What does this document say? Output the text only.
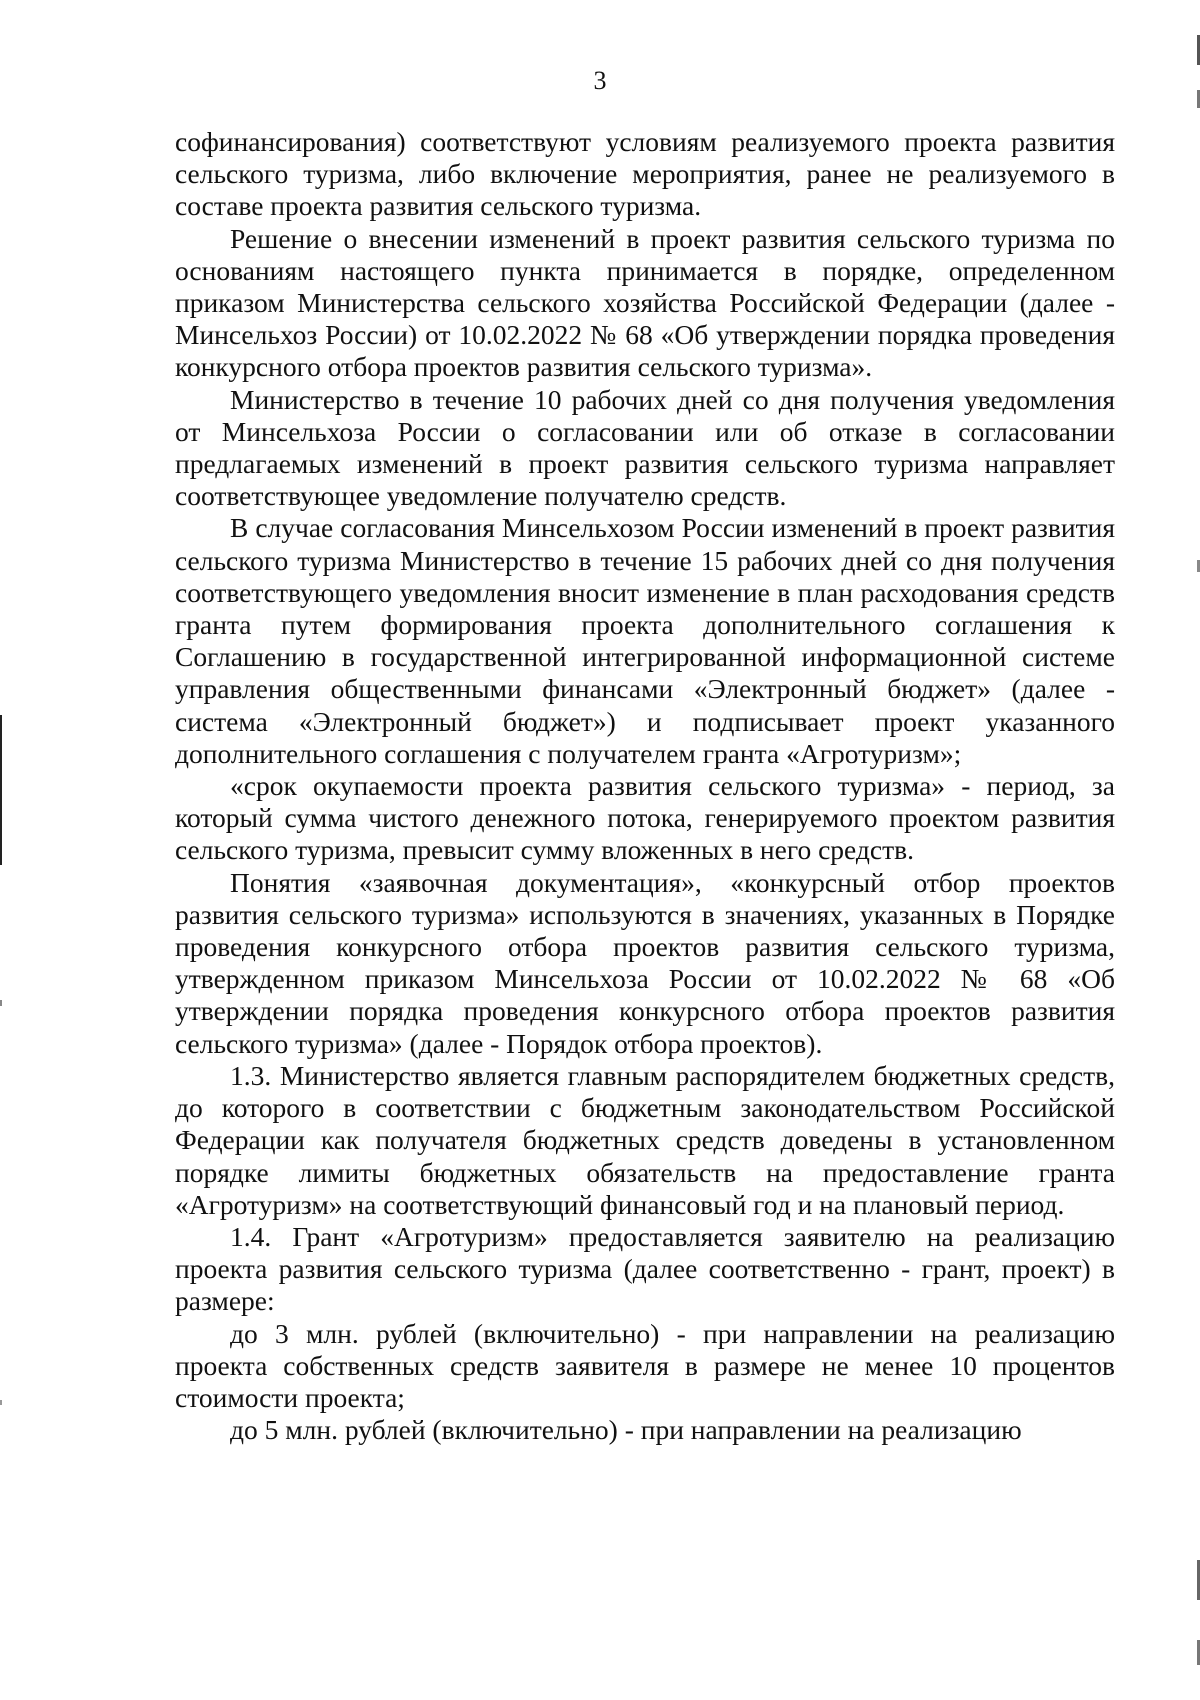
3

софинансирования) соответствуют условиям реализуемого проекта развития сельского туризма, либо включение мероприятия, ранее не реализуемого в составе проекта развития сельского туризма.

Решение о внесении изменений в проект развития сельского туризма по основаниям настоящего пункта принимается в порядке, определенном приказом Министерства сельского хозяйства Российской Федерации (далее - Минсельхоз России) от 10.02.2022 № 68 «Об утверждении порядка проведения конкурсного отбора проектов развития сельского туризма».

Министерство в течение 10 рабочих дней со дня получения уведомления от Минсельхоза России о согласовании или об отказе в согласовании предлагаемых изменений в проект развития сельского туризма направляет соответствующее уведомление получателю средств.

В случае согласования Минсельхозом России изменений в проект развития сельского туризма Министерство в течение 15 рабочих дней со дня получения соответствующего уведомления вносит изменение в план расходования средств гранта путем формирования проекта дополнительного соглашения к Соглашению в государственной интегрированной информационной системе управления общественными финансами «Электронный бюджет» (далее - система «Электронный бюджет») и подписывает проект указанного дополнительного соглашения с получателем гранта «Агротуризм»;

«срок окупаемости проекта развития сельского туризма» - период, за который сумма чистого денежного потока, генерируемого проектом развития сельского туризма, превысит сумму вложенных в него средств.

Понятия «заявочная документация», «конкурсный отбор проектов развития сельского туризма» используются в значениях, указанных в Порядке проведения конкурсного отбора проектов развития сельского туризма, утвержденном приказом Минсельхоза России от 10.02.2022 № 68 «Об утверждении порядка проведения конкурсного отбора проектов развития сельского туризма» (далее - Порядок отбора проектов).

1.3. Министерство является главным распорядителем бюджетных средств, до которого в соответствии с бюджетным законодательством Российской Федерации как получателя бюджетных средств доведены в установленном порядке лимиты бюджетных обязательств на предоставление гранта «Агротуризм» на соответствующий финансовый год и на плановый период.

1.4. Грант «Агротуризм» предоставляется заявителю на реализацию проекта развития сельского туризма (далее соответственно - грант, проект) в размере:

до 3 млн. рублей (включительно) - при направлении на реализацию проекта собственных средств заявителя в размере не менее 10 процентов стоимости проекта;

до 5 млн. рублей (включительно) - при направлении на реализацию
